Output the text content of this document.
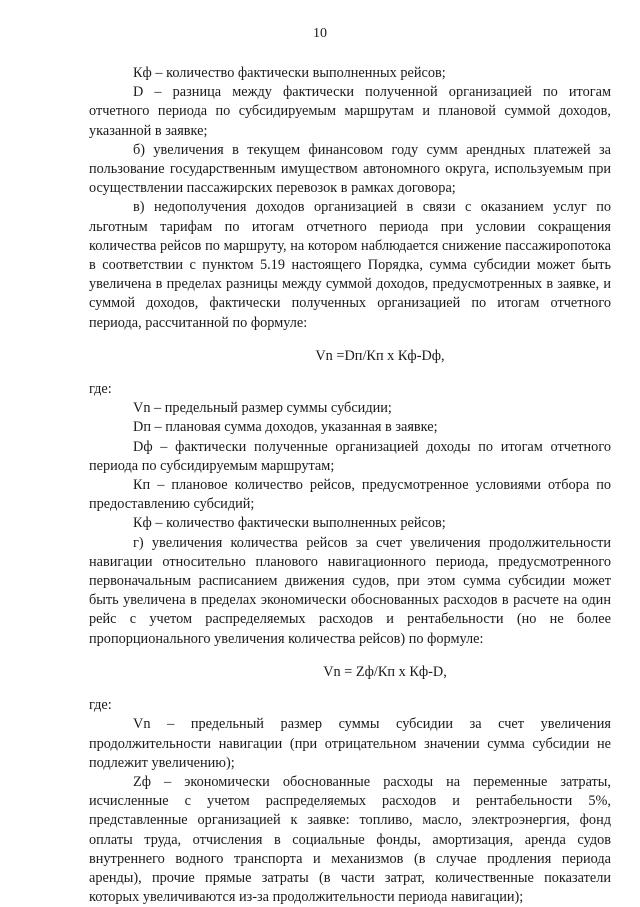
10

Кф – количество фактически выполненных рейсов;

D – разница между фактически полученной организацией по итогам отчетного периода по субсидируемым маршрутам и плановой суммой доходов, указанной в заявке;

б) увеличения в текущем финансовом году сумм арендных платежей за пользование государственным имуществом автономного округа, используемым при осуществлении пассажирских перевозок в рамках договора;

в) недополучения доходов организацией в связи с оказанием услуг по льготным тарифам по итогам отчетного периода при условии сокращения количества рейсов по маршруту, на котором наблюдается снижение пассажиропотока в соответствии с пунктом 5.19 настоящего Порядка, сумма субсидии может быть увеличена в пределах разницы между суммой доходов, предусмотренных в заявке, и суммой доходов, фактически полученных организацией по итогам отчетного периода, рассчитанной по формуле:

Vn =Dп/Кп х Кф-Dф,

где:

Vn – предельный размер суммы субсидии;

Dп – плановая сумма доходов, указанная в заявке;

Dф – фактически полученные организацией доходы по итогам отчетного периода по субсидируемым маршрутам;

Кп – плановое количество рейсов, предусмотренное условиями отбора по предоставлению субсидий;

Кф – количество фактически выполненных рейсов;

г) увеличения количества рейсов за счет увеличения продолжительности навигации относительно планового навигационного периода, предусмотренного первоначальным расписанием движения судов, при этом сумма субсидии может быть увеличена в пределах экономически обоснованных расходов в расчете на один рейс с учетом распределяемых расходов и рентабельности (но не более пропорционального увеличения количества рейсов) по формуле:

Vn = Zф/Кп х Кф-D,

где:

Vn – предельный размер суммы субсидии за счет увеличения продолжительности навигации (при отрицательном значении сумма субсидии не подлежит увеличению);

Zф – экономически обоснованные расходы на переменные затраты, исчисленные с учетом распределяемых расходов и рентабельности 5%, представленные организацией к заявке: топливо, масло, электроэнергия, фонд оплаты труда, отчисления в социальные фонды, амортизация, аренда судов внутреннего водного транспорта и механизмов (в случае продления периода аренды), прочие прямые затраты (в части затрат, количественные показатели которых увеличиваются из-за продолжительности периода навигации);
